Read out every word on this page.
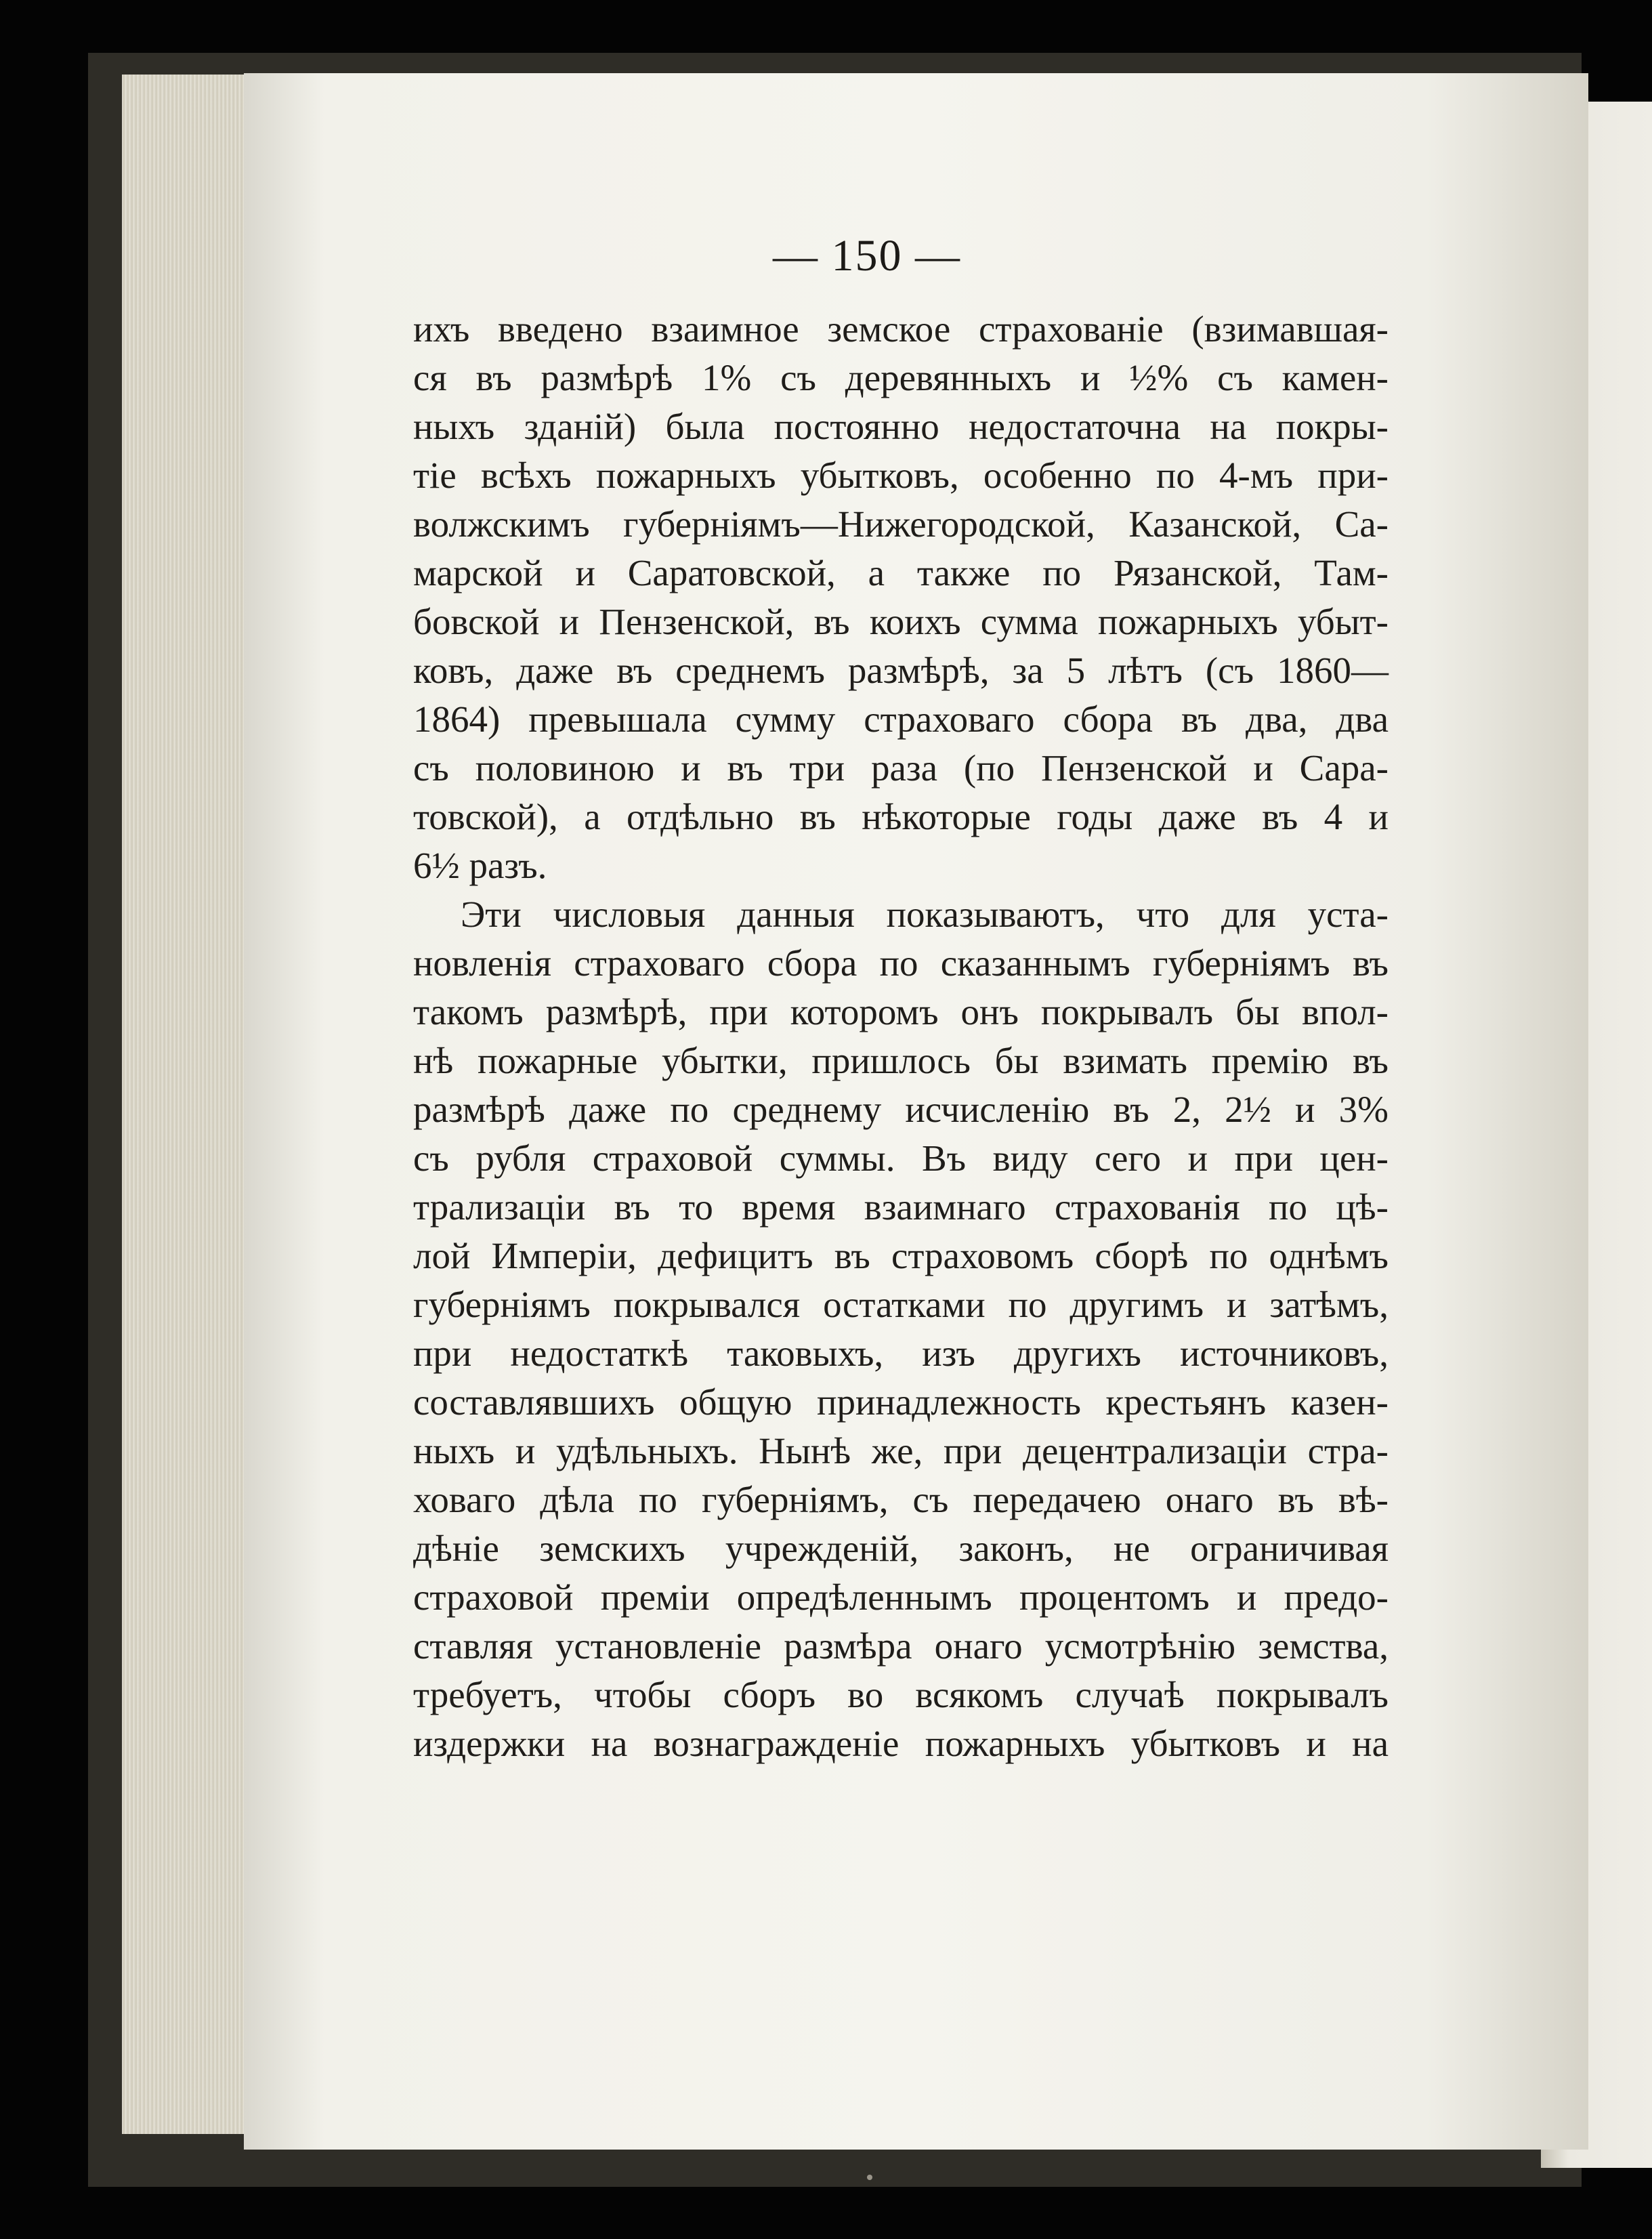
— 150 —
ихъ введено взаимное земское страхованіе (взимавшая-
ся въ размѣрѣ 1% съ деревянныхъ и ½% съ камен-
ныхъ зданій) была постоянно недостаточна на покры-
тіе всѣхъ пожарныхъ убытковъ, особенно по 4-мъ при-
волжскимъ губерніямъ—Нижегородской, Казанской, Са-
марской и Саратовской, а также по Рязанской, Там-
бовской и Пензенской, въ коихъ сумма пожарныхъ убыт-
ковъ, даже въ среднемъ размѣрѣ, за 5 лѣтъ (съ 1860—
1864) превышала сумму страховаго сбора въ два, два
съ половиною и въ три раза (по Пензенской и Сара-
товской), а отдѣльно въ нѣкоторые годы даже въ 4 и
6½ разъ.
Эти числовыя данныя показываютъ, что для уста-
новленія страховаго сбора по сказаннымъ губерніямъ въ
такомъ размѣрѣ, при которомъ онъ покрывалъ бы впол-
нѣ пожарные убытки, пришлось бы взимать премію въ
размѣрѣ даже по среднему исчисленію въ 2, 2½ и 3%
съ рубля страховой суммы. Въ виду сего и при цен-
трализаціи въ то время взаимнаго страхованія по цѣ-
лой Имперіи, дефицитъ въ страховомъ сборѣ по однѣмъ
губерніямъ покрывался остатками по другимъ и затѣмъ,
при недостаткѣ таковыхъ, изъ другихъ источниковъ,
составлявшихъ общую принадлежность крестьянъ казен-
ныхъ и удѣльныхъ. Нынѣ же, при децентрализаціи стра-
ховаго дѣла по губерніямъ, съ передачею онаго въ вѣ-
дѣніе земскихъ учрежденій, законъ, не ограничивая
страховой преміи опредѣленнымъ процентомъ и предо-
ставляя установленіе размѣра онаго усмотрѣнію земства,
требуетъ, чтобы сборъ во всякомъ случаѣ покрывалъ
издержки на вознагражденіе пожарныхъ убытковъ и на
